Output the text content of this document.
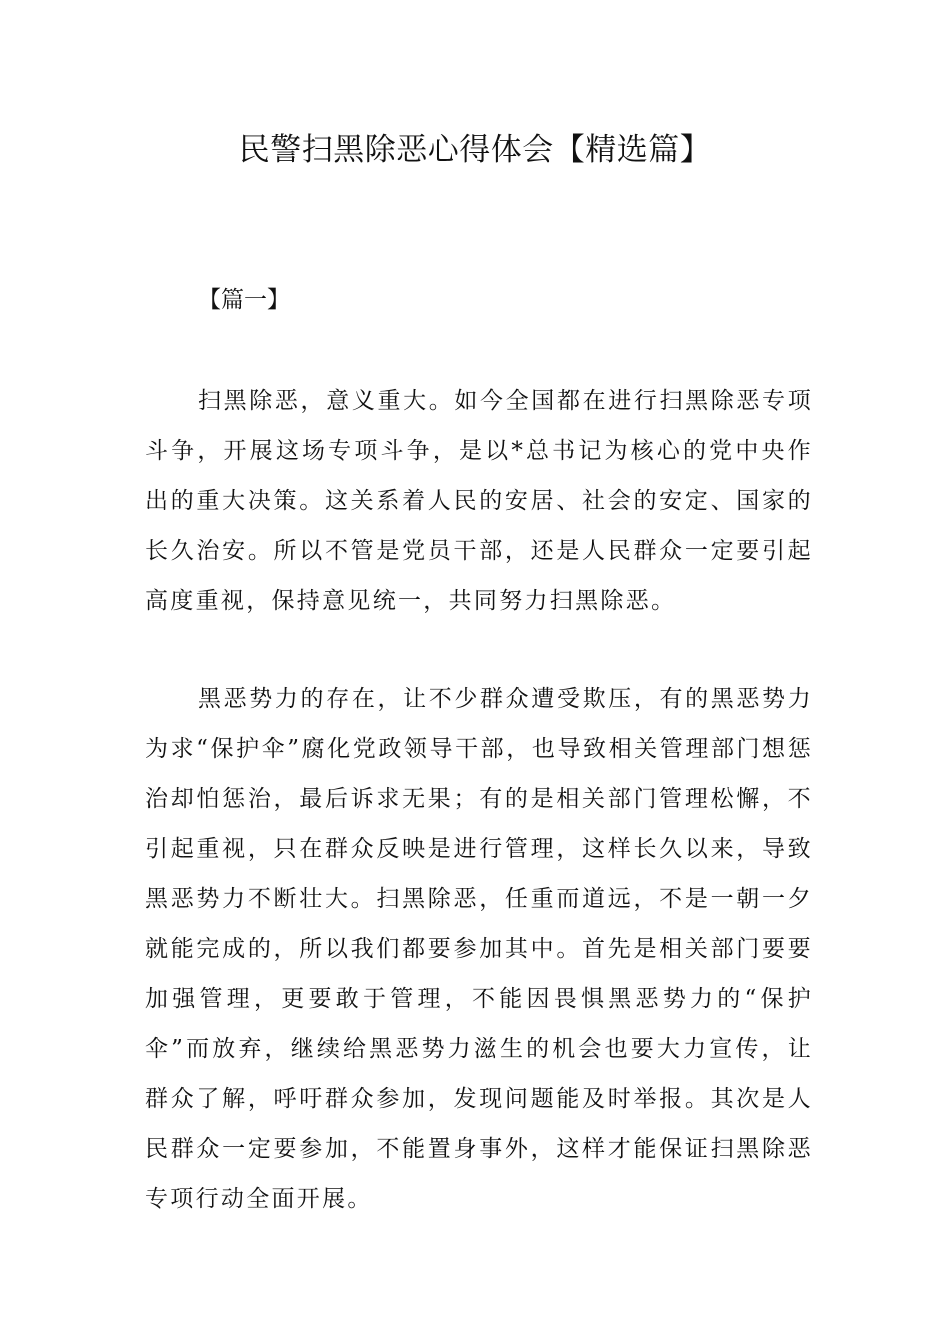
民警扫黑除恶心得体会【精选篇】

【篇一】

扫黑除恶，意义重大。如今全国都在进行扫黑除恶专项斗争，开展这场专项斗争，是以*总书记为核心的党中央作出的重大决策。这关系着人民的安居、社会的安定、国家的长久治安。所以不管是党员干部，还是人民群众一定要引起高度重视，保持意见统一，共同努力扫黑除恶。

黑恶势力的存在，让不少群众遭受欺压，有的黑恶势力为求“保护伞”腐化党政领导干部，也导致相关管理部门想惩治却怕惩治，最后诉求无果；有的是相关部门管理松懈，不引起重视，只在群众反映是进行管理，这样长久以来，导致黑恶势力不断壮大。扫黑除恶，任重而道远，不是一朝一夕就能完成的，所以我们都要参加其中。首先是相关部门要要加强管理，更要敢于管理，不能因畏惧黑恶势力的“保护伞”而放弃，继续给黑恶势力滋生的机会也要大力宣传，让群众了解，呼吁群众参加，发现问题能及时举报。其次是人民群众一定要参加，不能置身事外，这样才能保证扫黑除恶专项行动全面开展。
